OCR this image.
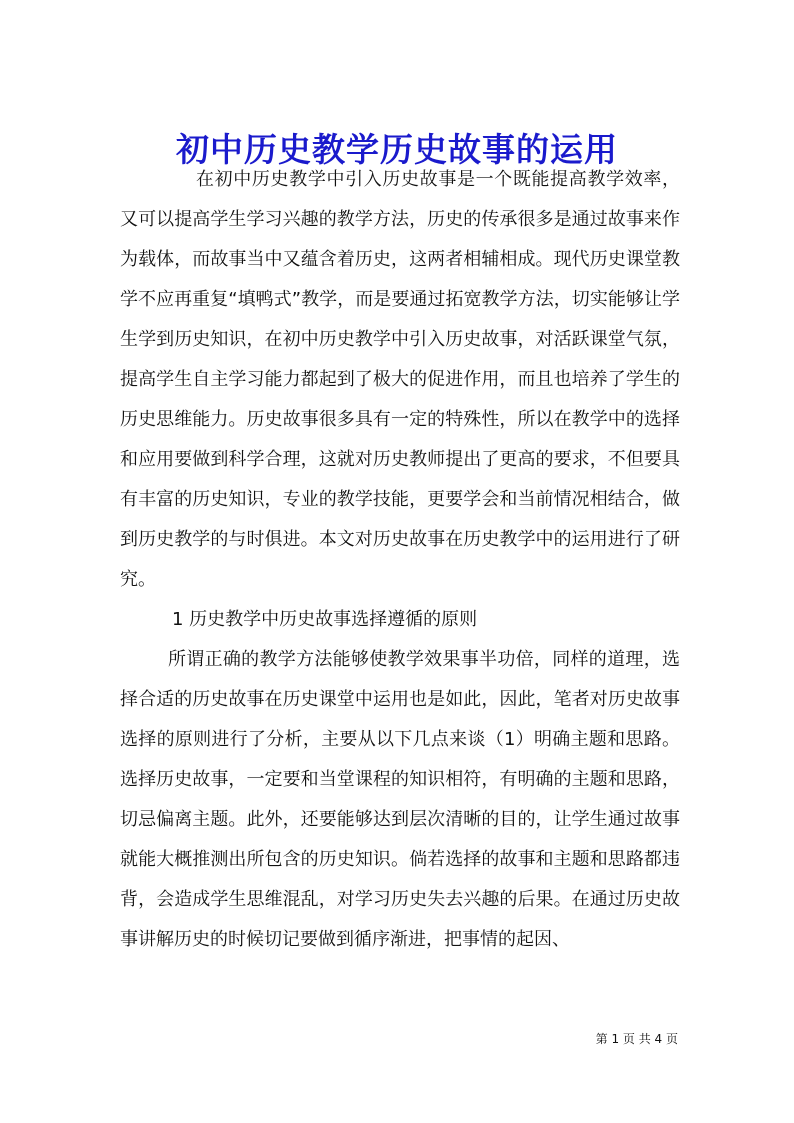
初中历史教学历史故事的运用

在初中历史教学中引入历史故事是一个既能提高教学效率，又可以提高学生学习兴趣的教学方法，历史的传承很多是通过故事来作为载体，而故事当中又蕴含着历史，这两者相辅相成。现代历史课堂教学不应再重复“填鸭式”教学，而是要通过拓宽教学方法，切实能够让学生学到历史知识，在初中历史教学中引入历史故事，对活跃课堂气氛，提高学生自主学习能力都起到了极大的促进作用，而且也培养了学生的历史思维能力。历史故事很多具有一定的特殊性，所以在教学中的选择和应用要做到科学合理，这就对历史教师提出了更高的要求，不但要具有丰富的历史知识，专业的教学技能，更要学会和当前情况相结合，做到历史教学的与时俱进。本文对历史故事在历史教学中的运用进行了研究。

1 历史教学中历史故事选择遵循的原则

所谓正确的教学方法能够使教学效果事半功倍，同样的道理，选择合适的历史故事在历史课堂中运用也是如此，因此，笔者对历史故事选择的原则进行了分析，主要从以下几点来谈（1）明确主题和思路。选择历史故事，一定要和当堂课程的知识相符，有明确的主题和思路，切忌偏离主题。此外，还要能够达到层次清晰的目的，让学生通过故事就能大概推测出所包含的历史知识。倘若选择的故事和主题和思路都违背，会造成学生思维混乱，对学习历史失去兴趣的后果。在通过历史故事讲解历史的时候切记要做到循序渐进，把事情的起因、

第 1 页 共 4 页
